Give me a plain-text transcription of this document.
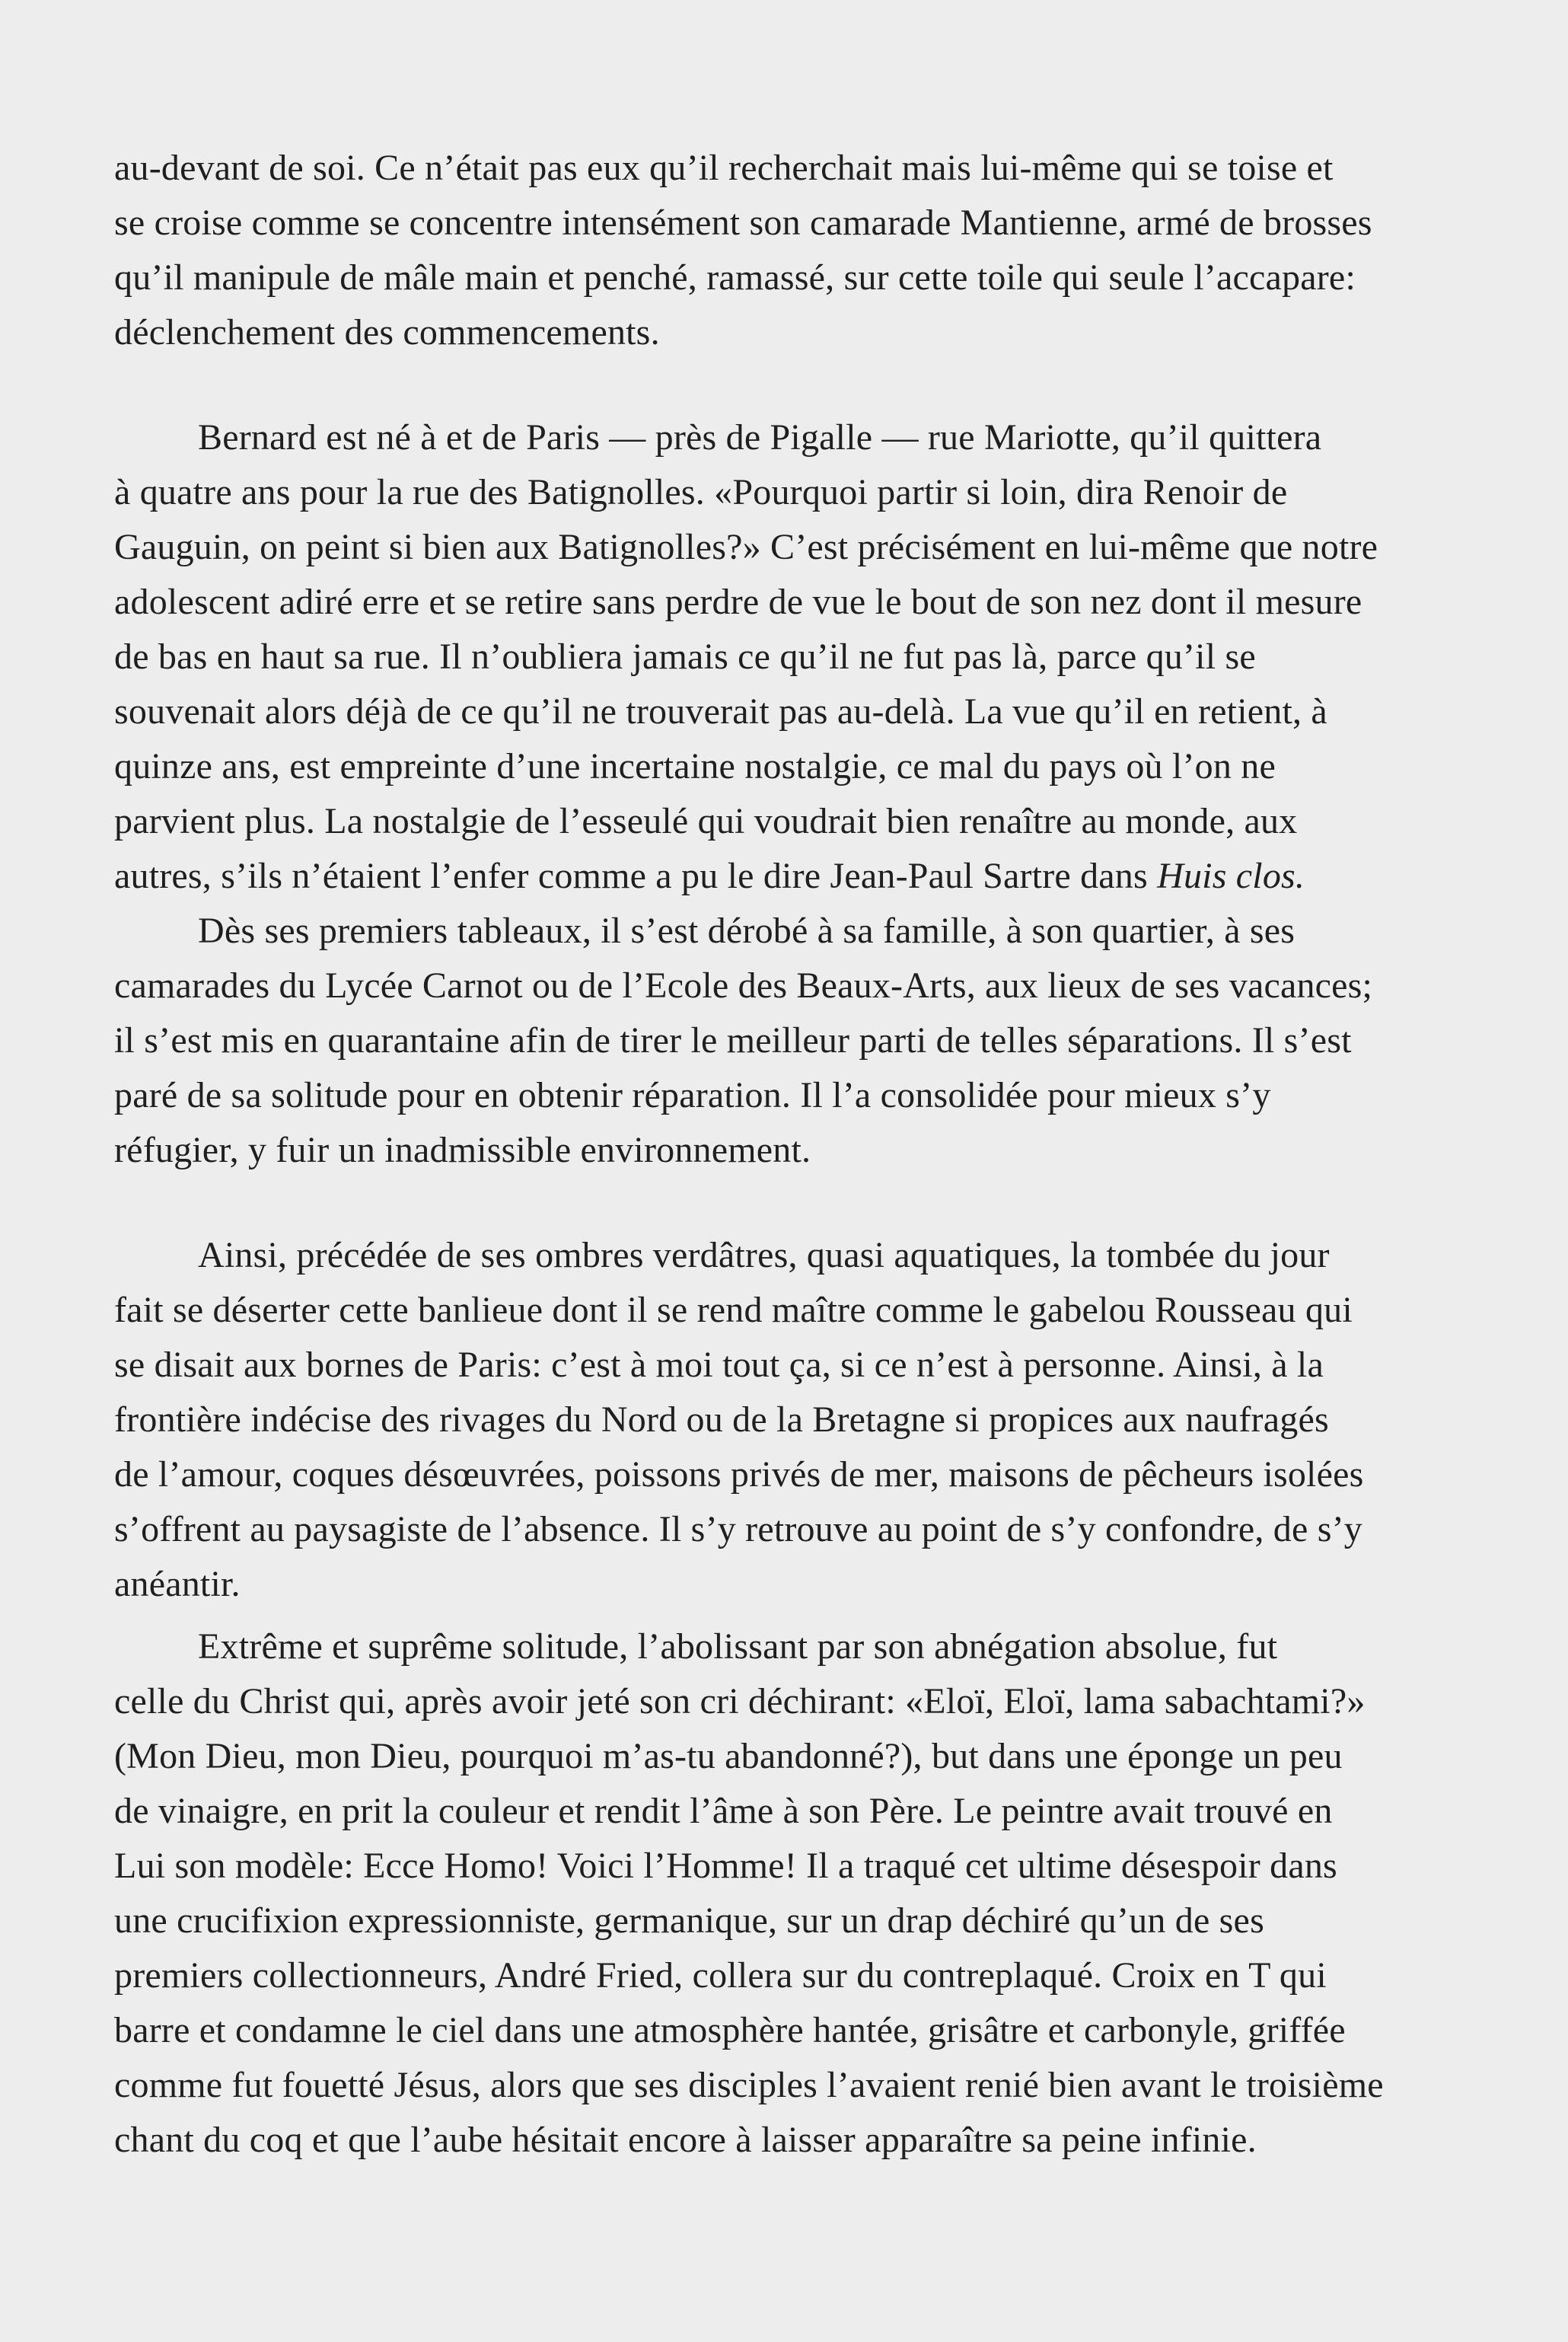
au-devant de soi. Ce n’était pas eux qu’il recherchait mais lui-même qui se toise et
se croise comme se concentre intensément son camarade Mantienne, armé de brosses
qu’il manipule de mâle main et penché, ramassé, sur cette toile qui seule l’accapare:
déclenchement des commencements.

Bernard est né à et de Paris — près de Pigalle — rue Mariotte, qu’il quittera
à quatre ans pour la rue des Batignolles. «Pourquoi partir si loin, dira Renoir de
Gauguin, on peint si bien aux Batignolles?» C’est précisément en lui-même que notre
adolescent adiré erre et se retire sans perdre de vue le bout de son nez dont il mesure
de bas en haut sa rue. Il n’oubliera jamais ce qu’il ne fut pas là, parce qu’il se
souvenait alors déjà de ce qu’il ne trouverait pas au-delà. La vue qu’il en retient, à
quinze ans, est empreinte d’une incertaine nostalgie, ce mal du pays où l’on ne
parvient plus. La nostalgie de l’esseulé qui voudrait bien renaître au monde, aux
autres, s’ils n’étaient l’enfer comme a pu le dire Jean-Paul Sartre dans Huis clos.

Dès ses premiers tableaux, il s’est dérobé à sa famille, à son quartier, à ses
camarades du Lycée Carnot ou de l’Ecole des Beaux-Arts, aux lieux de ses vacances;
il s’est mis en quarantaine afin de tirer le meilleur parti de telles séparations. Il s’est
paré de sa solitude pour en obtenir réparation. Il l’a consolidée pour mieux s’y
réfugier, y fuir un inadmissible environnement.

Ainsi, précédée de ses ombres verdâtres, quasi aquatiques, la tombée du jour
fait se déserter cette banlieue dont il se rend maître comme le gabelou Rousseau qui
se disait aux bornes de Paris: c’est à moi tout ça, si ce n’est à personne. Ainsi, à la
frontière indécise des rivages du Nord ou de la Bretagne si propices aux naufragés
de l’amour, coques désœuvrées, poissons privés de mer, maisons de pêcheurs isolées
s’offrent au paysagiste de l’absence. Il s’y retrouve au point de s’y confondre, de s’y
anéantir.

Extrême et suprême solitude, l’abolissant par son abnégation absolue, fut
celle du Christ qui, après avoir jeté son cri déchirant: «Eloï, Eloï, lama sabachtami?»
(Mon Dieu, mon Dieu, pourquoi m’as-tu abandonné?), but dans une éponge un peu
de vinaigre, en prit la couleur et rendit l’âme à son Père. Le peintre avait trouvé en
Lui son modèle: Ecce Homo! Voici l’Homme! Il a traqué cet ultime désespoir dans
une crucifixion expressionniste, germanique, sur un drap déchiré qu’un de ses
premiers collectionneurs, André Fried, collera sur du contreplaqué. Croix en T qui
barre et condamne le ciel dans une atmosphère hantée, grisâtre et carbonyle, griffée
comme fut fouetté Jésus, alors que ses disciples l’avaient renié bien avant le troisième
chant du coq et que l’aube hésitait encore à laisser apparaître sa peine infinie.
